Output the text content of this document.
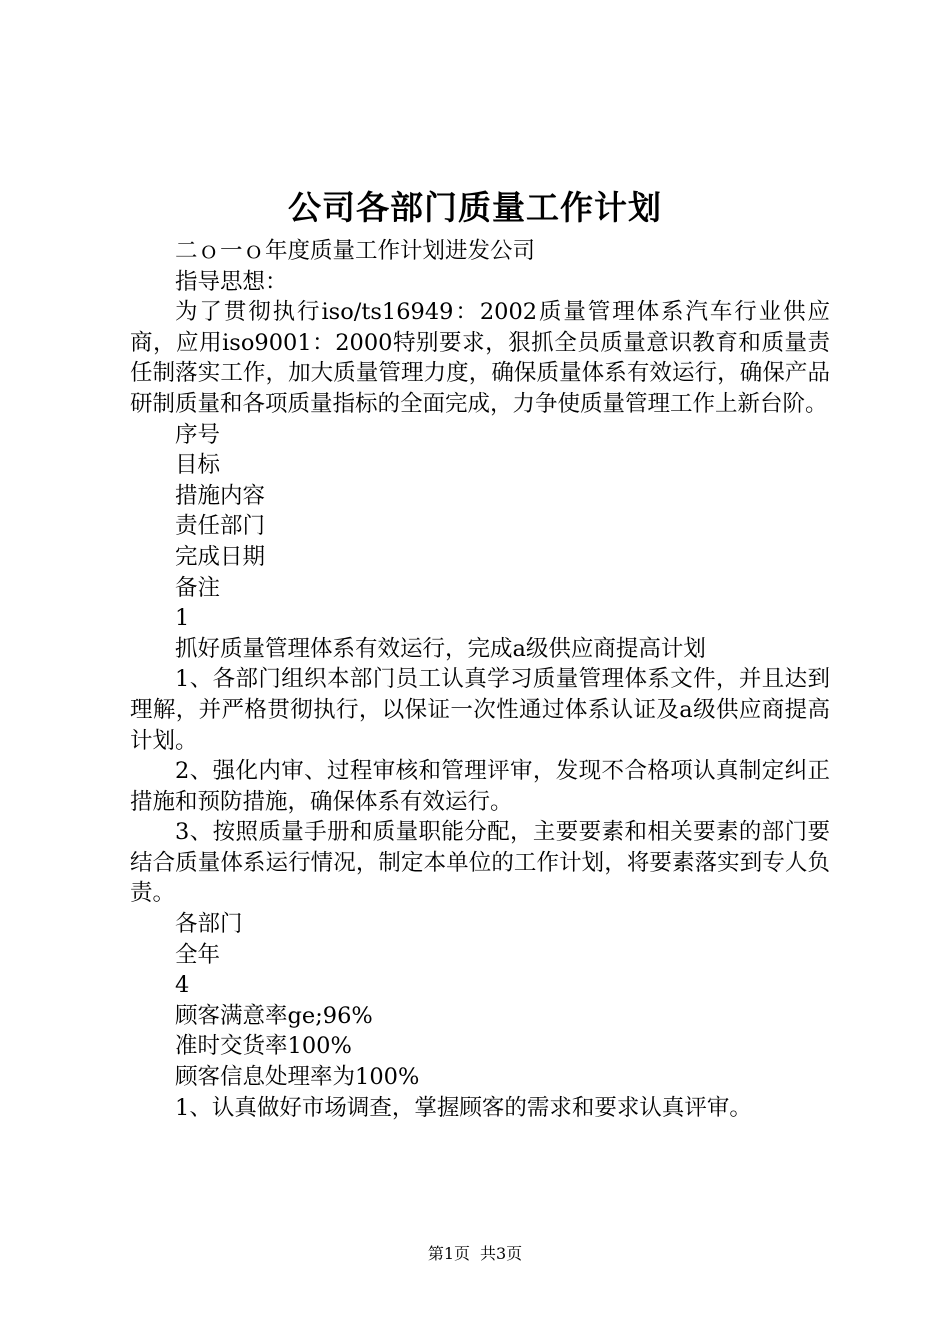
公司各部门质量工作计划

二ｏ一ｏ年度质量工作计划进发公司

指导思想：

为了贯彻执行iso/ts16949：2002质量管理体系汽车行业供应商，应用iso9001：2000特别要求，狠抓全员质量意识教育和质量责任制落实工作，加大质量管理力度，确保质量体系有效运行，确保产品研制质量和各项质量指标的全面完成，力争使质量管理工作上新台阶。

序号

目标

措施内容

责任部门

完成日期

备注

1

抓好质量管理体系有效运行，完成a级供应商提高计划

1、各部门组织本部门员工认真学习质量管理体系文件，并且达到理解，并严格贯彻执行，以保证一次性通过体系认证及a级供应商提高计划。

2、强化内审、过程审核和管理评审，发现不合格项认真制定纠正措施和预防措施，确保体系有效运行。

3、按照质量手册和质量职能分配，主要要素和相关要素的部门要结合质量体系运行情况，制定本单位的工作计划，将要素落实到专人负责。

各部门

全年

4

顾客满意率ge;96%

准时交货率100%

顾客信息处理率为100%

1、认真做好市场调查，掌握顾客的需求和要求认真评审。

第1页 共3页
